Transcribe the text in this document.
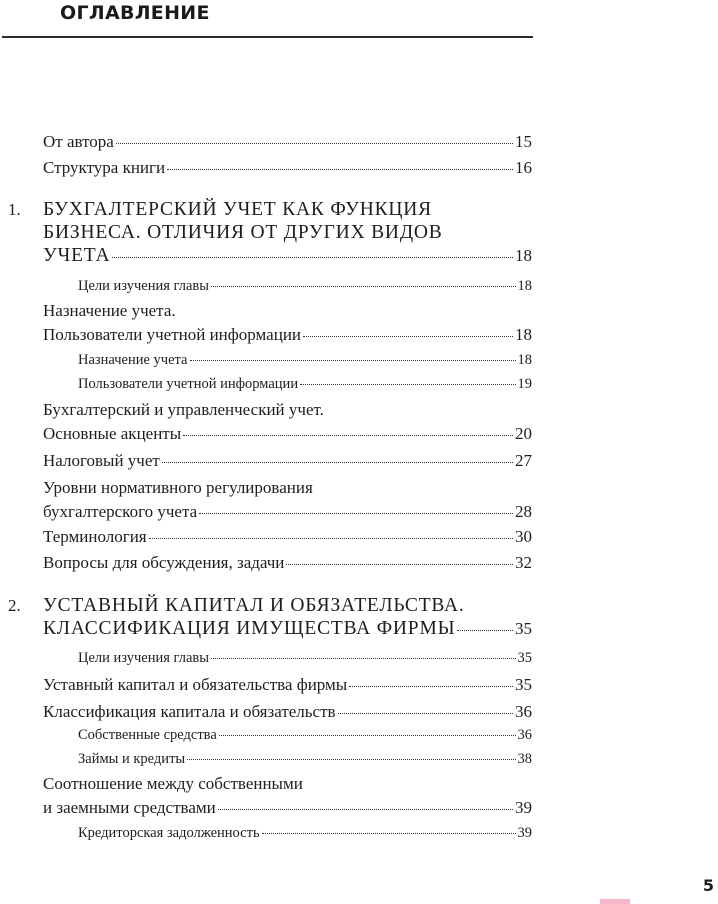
ОГЛАВЛЕНИЕ
От автора	15
Структура книги	16
1. БУХГАЛТЕРСКИЙ УЧЕТ КАК ФУНКЦИЯ
БИЗНЕСА. ОТЛИЧИЯ ОТ ДРУГИХ ВИДОВ
УЧЕТА	18
Цели изучения главы	18
Назначение учета.
Пользователи учетной информации	18
Назначение учета	18
Пользователи учетной информации	19
Бухгалтерский и управленческий учет.
Основные акценты	20
Налоговый учет	27
Уровни нормативного регулирования
бухгалтерского учета	28
Терминология	30
Вопросы для обсуждения, задачи	32
2. УСТАВНЫЙ КАПИТАЛ И ОБЯЗАТЕЛЬСТВА.
КЛАССИФИКАЦИЯ ИМУЩЕСТВА ФИРМЫ	35
Цели изучения главы	35
Уставный капитал и обязательства фирмы	35
Классификация капитала и обязательств	36
Собственные средства	36
Займы и кредиты	38
Соотношение между собственными
и заемными средствами	39
Кредиторская задолженность	39
5
